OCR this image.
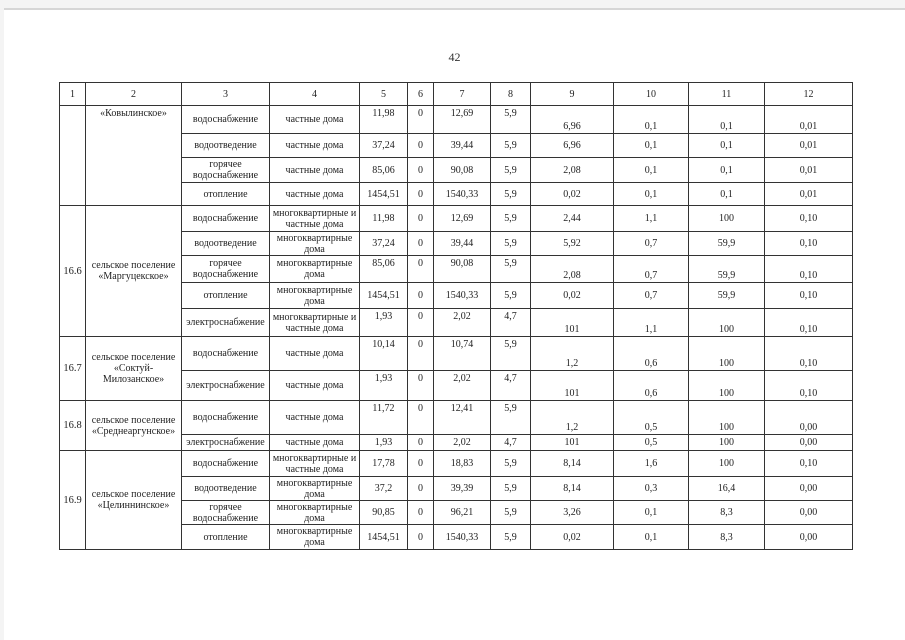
42
1	2	3	4	5	6	7	8	9	10	11	12
	«Ковылинское»	водоснабжение	частные дома	11,98	0	12,69	5,9	6,96	0,1	0,1	0,01
		водоотведение	частные дома	37,24	0	39,44	5,9	6,96	0,1	0,1	0,01
		горячее водоснабжение	частные дома	85,06	0	90,08	5,9	2,08	0,1	0,1	0,01
		отопление	частные дома	1454,51	0	1540,33	5,9	0,02	0,1	0,1	0,01
16.6	сельское поселение «Маргуцекское»	водоснабжение	многоквартирные и частные дома	11,98	0	12,69	5,9	2,44	1,1	100	0,10
		водоотведение	многоквартирные дома	37,24	0	39,44	5,9	5,92	0,7	59,9	0,10
		горячее водоснабжение	многоквартирные дома	85,06	0	90,08	5,9	2,08	0,7	59,9	0,10
		отопление	многоквартирные дома	1454,51	0	1540,33	5,9	0,02	0,7	59,9	0,10
		электроснабжение	многоквартирные и частные дома	1,93	0	2,02	4,7	101	1,1	100	0,10
16.7	сельское поселение «Соктуй-Милозанское»	водоснабжение	частные дома	10,14	0	10,74	5,9	1,2	0,6	100	0,10
		электроснабжение	частные дома	1,93	0	2,02	4,7	101	0,6	100	0,10
16.8	сельское поселение «Среднеаргунское»	водоснабжение	частные дома	11,72	0	12,41	5,9	1,2	0,5	100	0,00
		электроснабжение	частные дома	1,93	0	2,02	4,7	101	0,5	100	0,00
16.9	сельское поселение «Целиннинское»	водоснабжение	многоквартирные и частные дома	17,78	0	18,83	5,9	8,14	1,6	100	0,10
		водоотведение	многоквартирные дома	37,2	0	39,39	5,9	8,14	0,3	16,4	0,00
		горячее водоснабжение	многоквартирные дома	90,85	0	96,21	5,9	3,26	0,1	8,3	0,00
		отопление	многоквартирные дома	1454,51	0	1540,33	5,9	0,02	0,1	8,3	0,00
